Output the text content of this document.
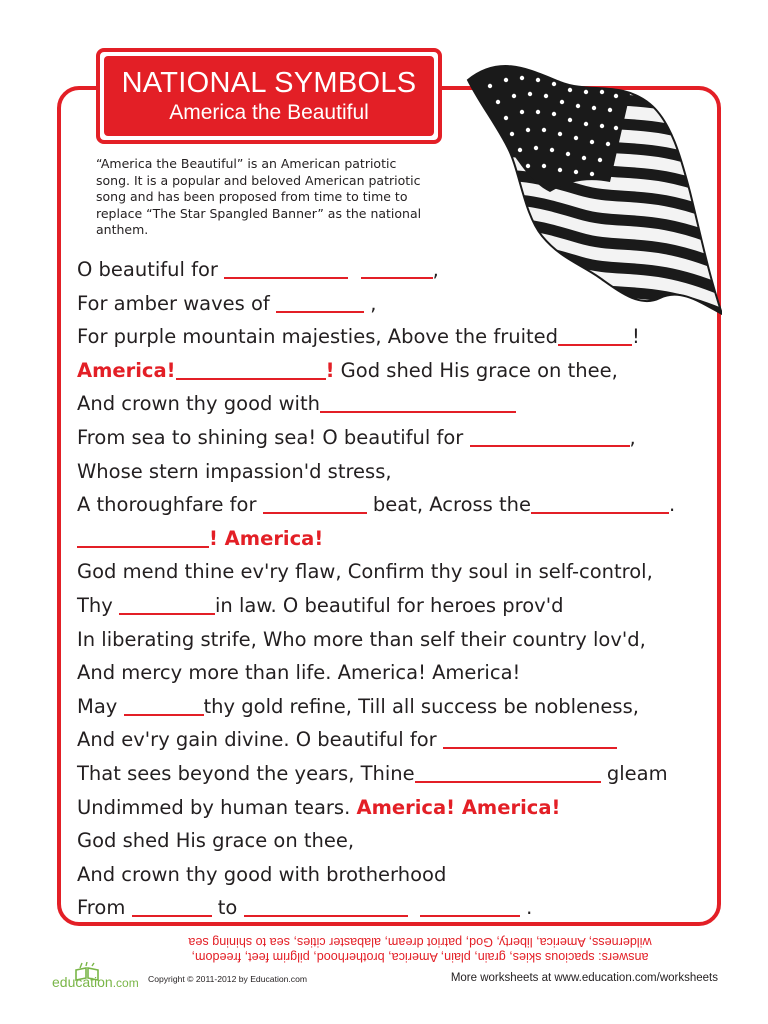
NATIONAL SYMBOLS
America the Beautiful
“America the Beautiful” is an American patriotic
song. It is a popular and beloved American patriotic
song and has been proposed from time to time to
replace “The Star Spangled Banner” as the national
anthem.
O beautiful for	,
For amber waves of	,
For purple mountain majesties, Above the fruited	!
America!	! God shed His grace on thee,
And crown thy good with
From sea to shining sea! O beautiful for	,
Whose stern impassion'd stress,
A thoroughfare for	beat, Across the	.
! America!
God mend thine ev'ry flaw, Confirm thy soul in self-control,
Thy	in law. O beautiful for heroes prov'd
In liberating strife, Who more than self their country lov'd,
And mercy more than life. America! America!
May	thy gold refine, Till all success be nobleness,
And ev'ry gain divine. O beautiful for
That sees beyond the years, Thine	gleam
Undimmed by human tears. America! America!
God shed His grace on thee,
And crown thy good with brotherhood
From	to	.
answers: spacious skies, grain, plain, America, brotherhood, pilgrim feet, freedom,
wilderness, America, liberty, God, patriot dream, alabaster cities, sea to shining sea
education.com Copyright © 2011-2012 by Education.com	More worksheets at www.education.com/worksheets
